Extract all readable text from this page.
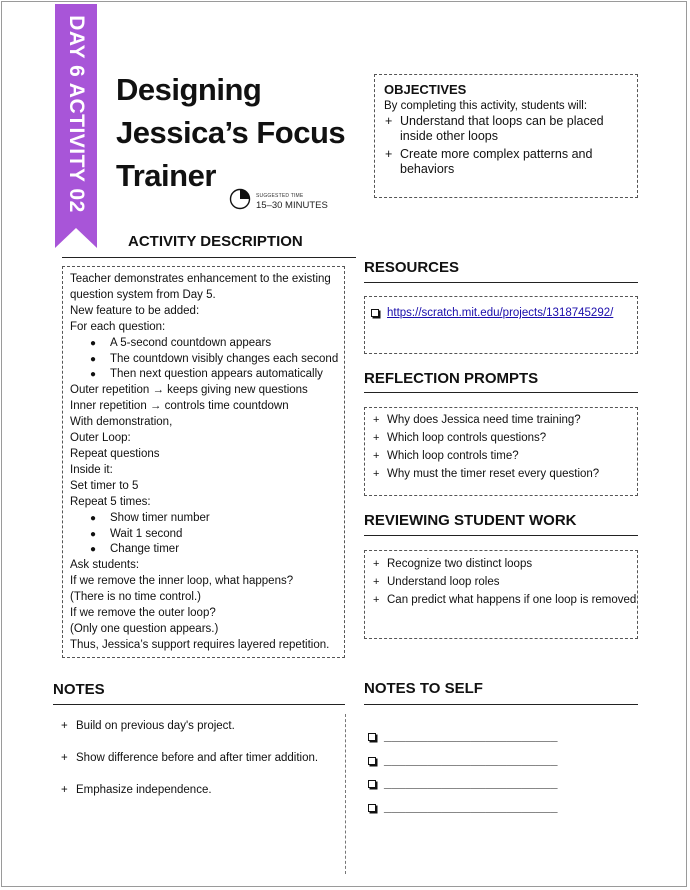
DAY 6 ACTIVITY 02 Designing
Jessica’s Focus
Trainer
SUGGESTED TIME
15–30 MINUTES
OBJECTIVES
By completing this activity, students will:
+ Understand that loops can be placed
inside other loops
+ Create more complex patterns and
behaviors
ACTIVITY DESCRIPTION
Teacher demonstrates enhancement to the existing
question system from Day 5.
New feature to be added:
For each question:
● A 5-second countdown appears
● The countdown visibly changes each second
● Then next question appears automatically
Outer repetition → keeps giving new questions
Inner repetition → controls time countdown
With demonstration,
Outer Loop:
Repeat questions
Inside it:
Set timer to 5
Repeat 5 times:
● Show timer number
● Wait 1 second
● Change timer
Ask students:
If we remove the inner loop, what happens?
(There is no time control.)
If we remove the outer loop?
(Only one question appears.)
Thus, Jessica’s support requires layered repetition.
RESOURCES
https://scratch.mit.edu/projects/1318745292/
REFLECTION PROMPTS
+ Why does Jessica need time training?
+ Which loop controls questions?
+ Which loop controls time?
+ Why must the timer reset every question?
REVIEWING STUDENT WORK
+ Recognize two distinct loops
+ Understand loop roles
+ Can predict what happens if one loop is removed
NOTES
+ Build on previous day's project.
+ Show difference before and after timer addition.
+ Emphasize independence.
NOTES TO SELF
________________________
________________________
________________________
________________________
